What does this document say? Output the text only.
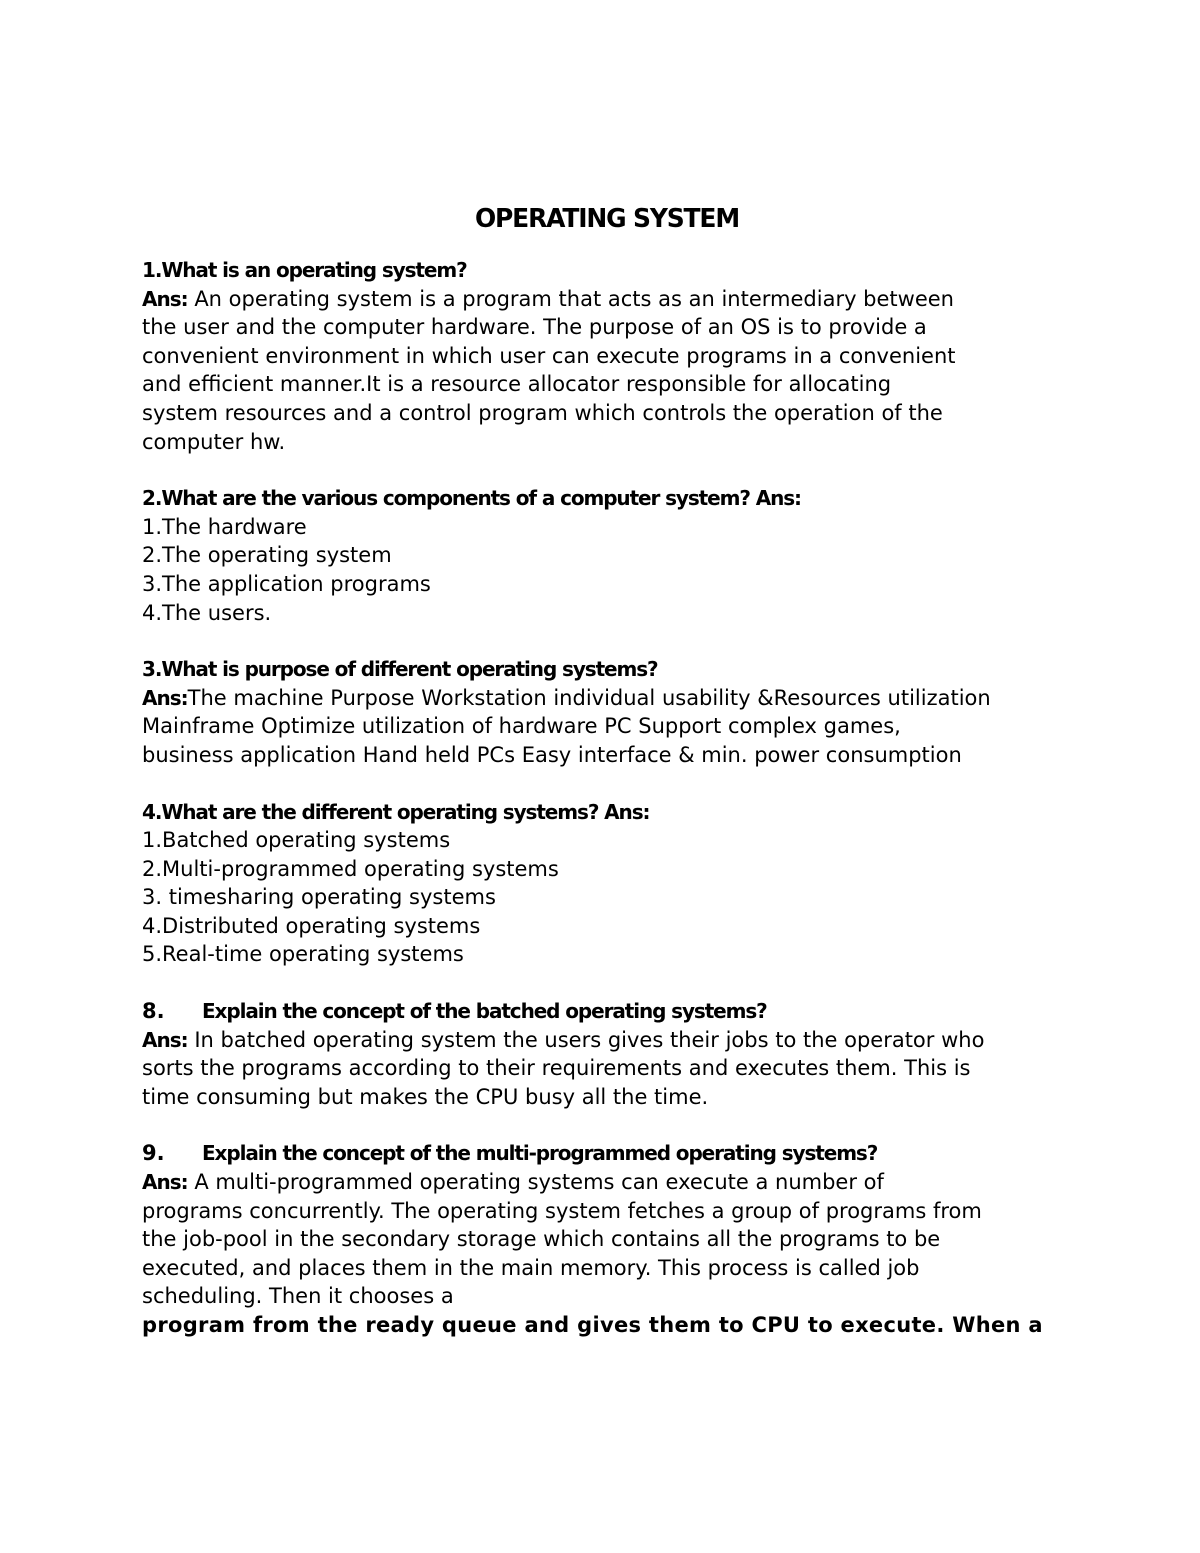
OPERATING SYSTEM
1.What is an operating system?
Ans: An operating system is a program that acts as an intermediary between
the user and the computer hardware. The purpose of an OS is to provide a
convenient environment in which user can execute programs in a convenient
and efficient manner.It is a resource allocator responsible for allocating
system resources and a control program which controls the operation of the
computer hw.
2.What are the various components of a computer system? Ans:
1.The hardware
2.The operating system
3.The application programs
4.The users.
3.What is purpose of different operating systems?
Ans:The machine Purpose Workstation individual usability &Resources utilization
Mainframe Optimize utilization of hardware PC Support complex games,
business application Hand held PCs Easy interface & min. power consumption
4.What are the different operating systems? Ans:
1.Batched operating systems
2.Multi-programmed operating systems
3. timesharing operating systems
4.Distributed operating systems
5.Real-time operating systems
8. Explain the concept of the batched operating systems?
Ans: In batched operating system the users gives their jobs to the operator who
sorts the programs according to their requirements and executes them. This is
time consuming but makes the CPU busy all the time.
9. Explain the concept of the multi-programmed operating systems?
Ans: A multi-programmed operating systems can execute a number of
programs concurrently. The operating system fetches a group of programs from
the job-pool in the secondary storage which contains all the programs to be
executed, and places them in the main memory. This process is called job
scheduling. Then it chooses a
program from the ready queue and gives them to CPU to execute. When a
